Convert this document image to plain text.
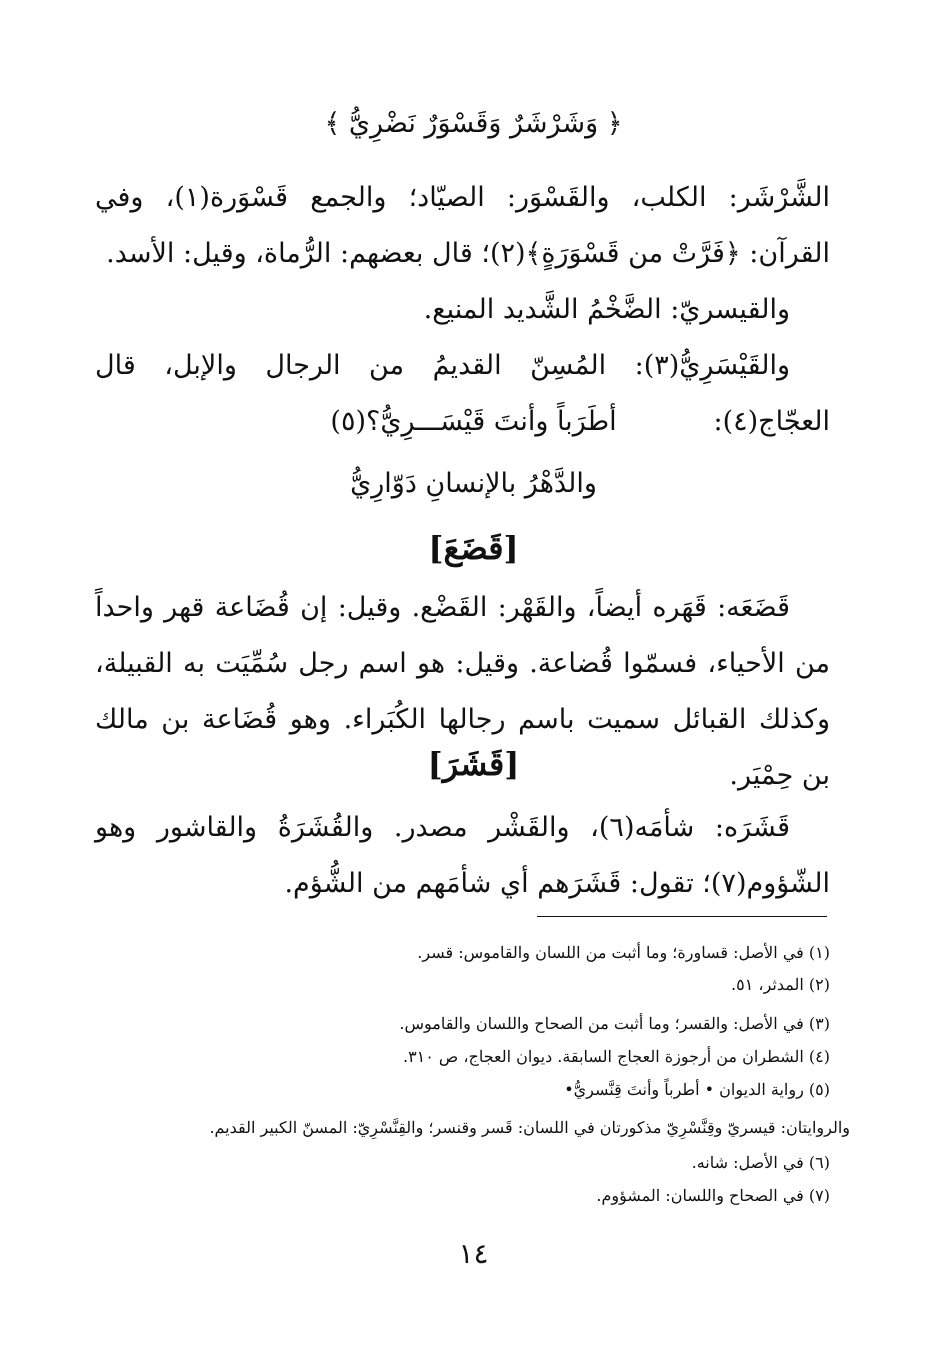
﴿ وَشَرْشَرٌ وَقَسْوَرٌ نَضْرِيُّ ﴾
الشَّرْشَر: الكلب، والقَسْوَر: الصيّاد؛ والجمع قَسْوَرة(١)، وفي القرآن: ﴿فَرَّتْ من قَسْوَرَةٍ﴾(٢)؛ قال بعضهم: الرُّماة، وقيل: الأسد.
والقيسريّ: الضَّخْمُ الشَّديد المنيع.
والقَيْسَرِيُّ(٣): المُسِنّ القديمُ من الرجال والإبل، قال العجّاج(٤):
أطَرَباً وأنتَ قَيْسَـــرِيُّ؟(٥)
والدَّهْرُ بالإنسانِ دَوّارِيُّ
[قَضَعَ]
قَضَعَه: قَهَره أيضاً، والقَهْر: القَضْع. وقيل: إن قُضَاعة قهر واحداً من الأحياء، فسمّوا قُضاعة. وقيل: هو اسم رجل سُمِّيَت به القبيلة، وكذلك القبائل سميت باسم رجالها الكُبَراء. وهو قُضَاعة بن مالك بن حِمْيَر.
[قَشَرَ]
قَشَرَه: شأمَه(٦)، والقَشْر مصدر. والقُشَرَةُ والقاشور وهو الشّؤوم(٧)؛ تقول: قَشَرَهم أي شأمَهم من الشُّؤم.
(١) في الأصل: قساورة؛ وما أثبت من اللسان والقاموس: قسر.
(٢) المدثر، ٥١.
(٣) في الأصل: والقسر؛ وما أثبت من الصحاح واللسان والقاموس.
(٤) الشطران من أرجوزة العجاج السابقة. ديوان العجاج، ص ٣١٠.
(٥) رواية الديوان • أطرباً وأنتَ قِنَّسريُّ•
والروايتان: قيسريّ وقِنَّسْرِيّ مذكورتان في اللسان: قَسر وقنسر؛ والقِنَّسْرِيّ: المسنّ الكبير القديم.
(٦) في الأصل: شانه.
(٧) في الصحاح واللسان: المشؤوم.
١٤
